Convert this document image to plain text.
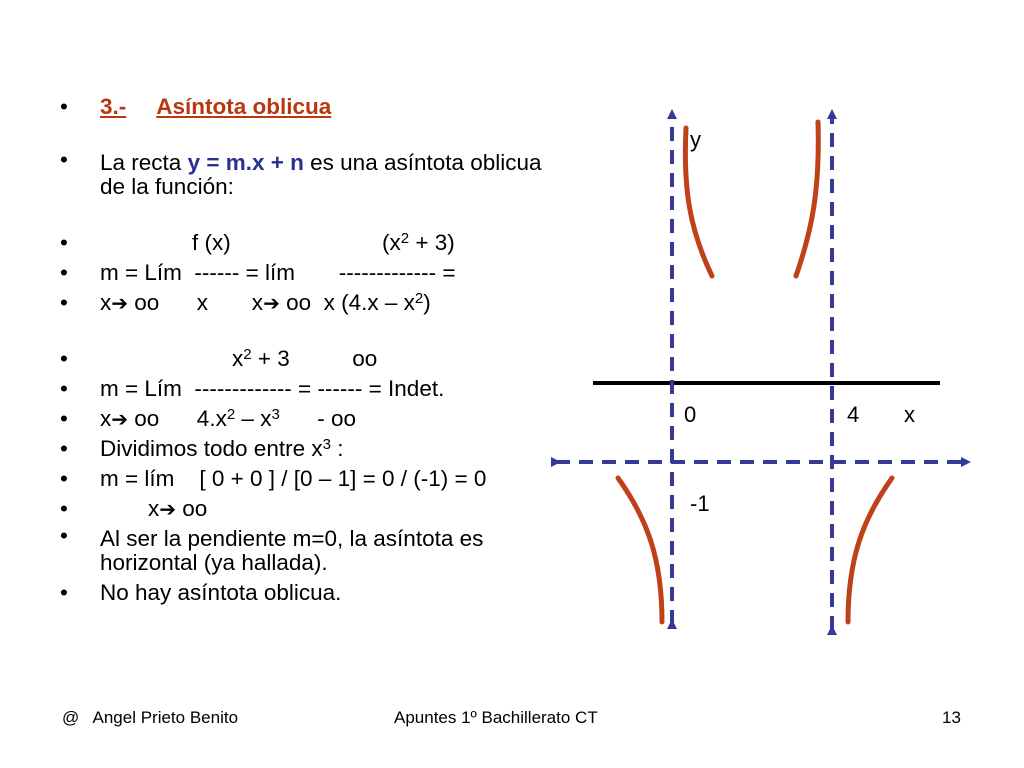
• 3.- Asíntota oblicua
• La recta y = m.x + n es una asíntota oblicua de la función:
• f (x)	$(x^2 + 3)$
• m = Lím  ------ = lím       ------------- =
• x➔ oo      x       x➔ oo  x $(4.x - x^2)$
• $x^2 + 3$          oo
• m = Lím  ------------- = ------ = Indet.
• x➔ oo      $4.x^2 - x^3$      - oo
• Dividimos todo entre $x^3$ :
• m = lím    [ 0 + 0 ] / [0 – 1] = 0 / (-1) = 0
• x➔ oo
• Al ser la pendiente m=0, la asíntota es horizontal (ya hallada).
• No hay asíntota oblicua.
y
0	4 x
-1
@   Angel Prieto Benito	Apuntes 1º Bachillerato CT	13
